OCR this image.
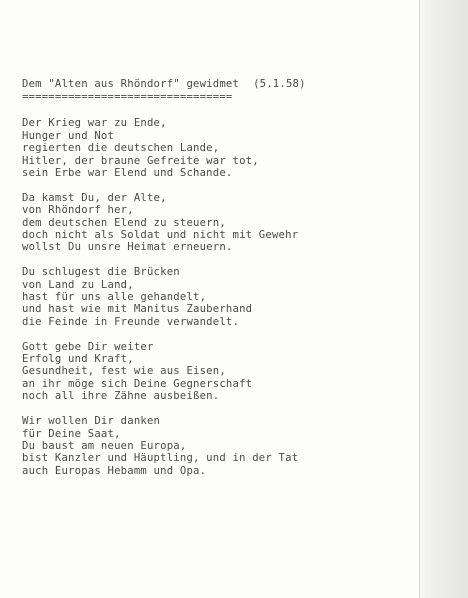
Dem "Alten aus Rhöndorf" gewidmet (5.1.58)
================================
Der Krieg war zu Ende,
Hunger und Not
regierten die deutschen Lande,
Hitler, der braune Gefreite war tot,
sein Erbe war Elend und Schande.
Da kamst Du, der Alte,
von Rhöndorf her,
dem deutschen Elend zu steuern,
doch nicht als Soldat und nicht mit Gewehr
wollst Du unsre Heimat erneuern.
Du schlugest die Brücken
von Land zu Land,
hast für uns alle gehandelt,
und hast wie mit Manitus Zauberhand
die Feinde in Freunde verwandelt.
Gott gebe Dir weiter
Erfolg und Kraft,
Gesundheit, fest wie aus Eisen,
an ihr möge sich Deine Gegnerschaft
noch all ihre Zähne ausbeißen.
Wir wollen Dir danken
für Deine Saat,
Du baust am neuen Europa,
bist Kanzler und Häuptling, und in der Tat
auch Europas Hebamm und Opa.
